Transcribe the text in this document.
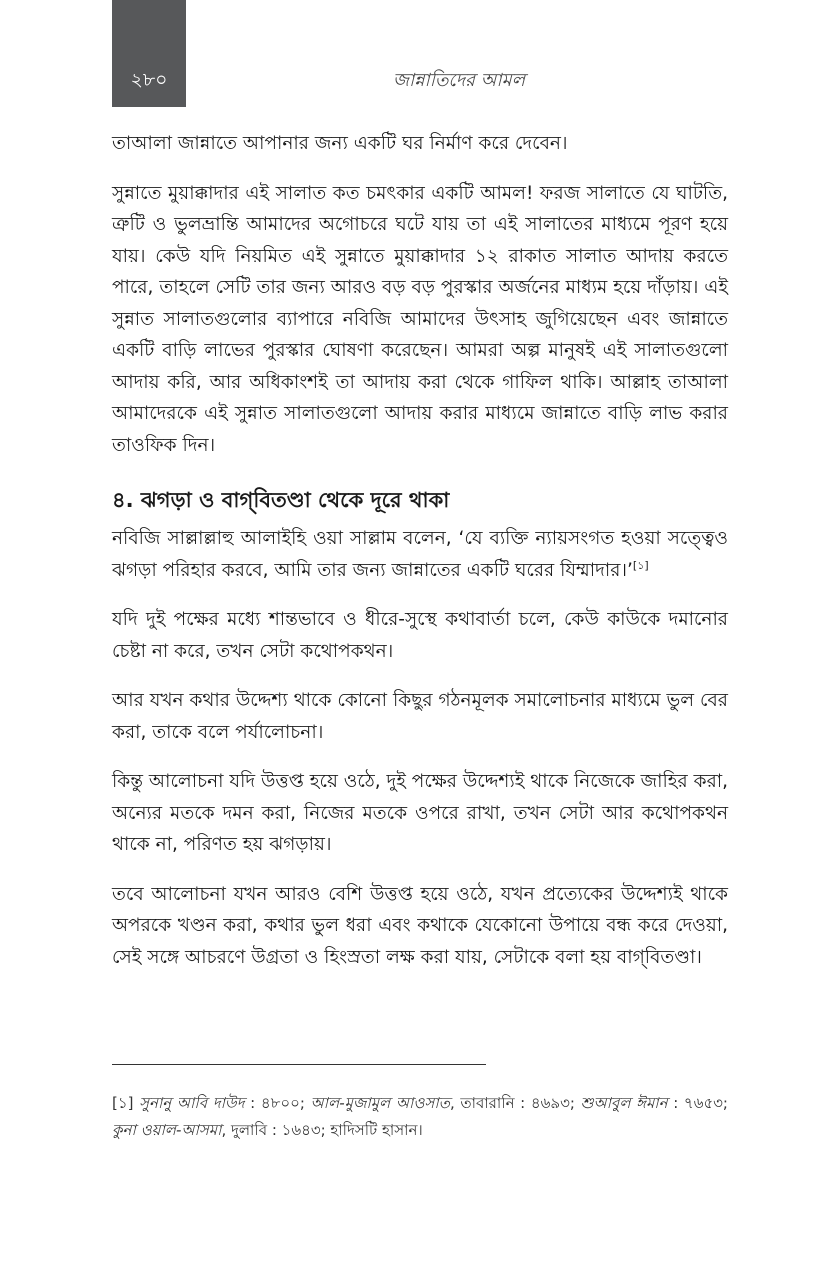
২৮০	জান্নাতিদের আমল

তাআলা জান্নাতে আপানার জন্য একটি ঘর নির্মাণ করে দেবেন।

সুন্নাতে মুয়াক্কাদার এই সালাত কত চমৎকার একটি আমল! ফরজ সালাতে যে ঘাটতি, ত্রুটি ও ভুলভ্রান্তি আমাদের অগোচরে ঘটে যায় তা এই সালাতের মাধ্যমে পূরণ হয়ে যায়। কেউ যদি নিয়মিত এই সুন্নাতে মুয়াক্কাদার ১২ রাকাত সালাত আদায় করতে পারে, তাহলে সেটি তার জন্য আরও বড় বড় পুরস্কার অর্জনের মাধ্যম হয়ে দাঁড়ায়। এই সুন্নাত সালাতগুলোর ব্যাপারে নবিজি আমাদের উৎসাহ জুগিয়েছেন এবং জান্নাতে একটি বাড়ি লাভের পুরস্কার ঘোষণা করেছেন। আমরা অল্প মানুষই এই সালাতগুলো আদায় করি, আর অধিকাংশই তা আদায় করা থেকে গাফিল থাকি। আল্লাহ তাআলা আমাদেরকে এই সুন্নাত সালাতগুলো আদায় করার মাধ্যমে জান্নাতে বাড়ি লাভ করার তাওফিক দিন।

৪. ঝগড়া ও বাগ্‌বিতণ্ডা থেকে দূরে থাকা

নবিজি সাল্লাল্লাহু আলাইহি ওয়া সাল্লাম বলেন, ‘যে ব্যক্তি ন্যায়সংগত হওয়া সত্ত্বেও ঝগড়া পরিহার করবে, আমি তার জন্য জান্নাতের একটি ঘরের যিম্মাদার।’[১]

যদি দুই পক্ষের মধ্যে শান্তভাবে ও ধীরে-সুস্থে কথাবার্তা চলে, কেউ কাউকে দমানোর চেষ্টা না করে, তখন সেটা কথোপকথন।

আর যখন কথার উদ্দেশ্য থাকে কোনো কিছুর গঠনমূলক সমালোচনার মাধ্যমে ভুল বের করা, তাকে বলে পর্যালোচনা।

কিন্তু আলোচনা যদি উত্তপ্ত হয়ে ওঠে, দুই পক্ষের উদ্দেশ্যই থাকে নিজেকে জাহির করা, অন্যের মতকে দমন করা, নিজের মতকে ওপরে রাখা, তখন সেটা আর কথোপকথন থাকে না, পরিণত হয় ঝগড়ায়।

তবে আলোচনা যখন আরও বেশি উত্তপ্ত হয়ে ওঠে, যখন প্রত্যেকের উদ্দেশ্যই থাকে অপরকে খণ্ডন করা, কথার ভুল ধরা এবং কথাকে যেকোনো উপায়ে বন্ধ করে দেওয়া, সেই সঙ্গে আচরণে উগ্রতা ও হিংস্রতা লক্ষ করা যায়, সেটাকে বলা হয় বাগ্‌বিতণ্ডা।

[১] সুনানু আবি দাউদ : ৪৮০০; আল-মুজামুল আওসাত, তাবারানি : ৪৬৯৩; শুআবুল ঈমান : ৭৬৫৩; কুনা ওয়াল-আসমা, দুলাবি : ১৬৪৩; হাদিসটি হাসান।
